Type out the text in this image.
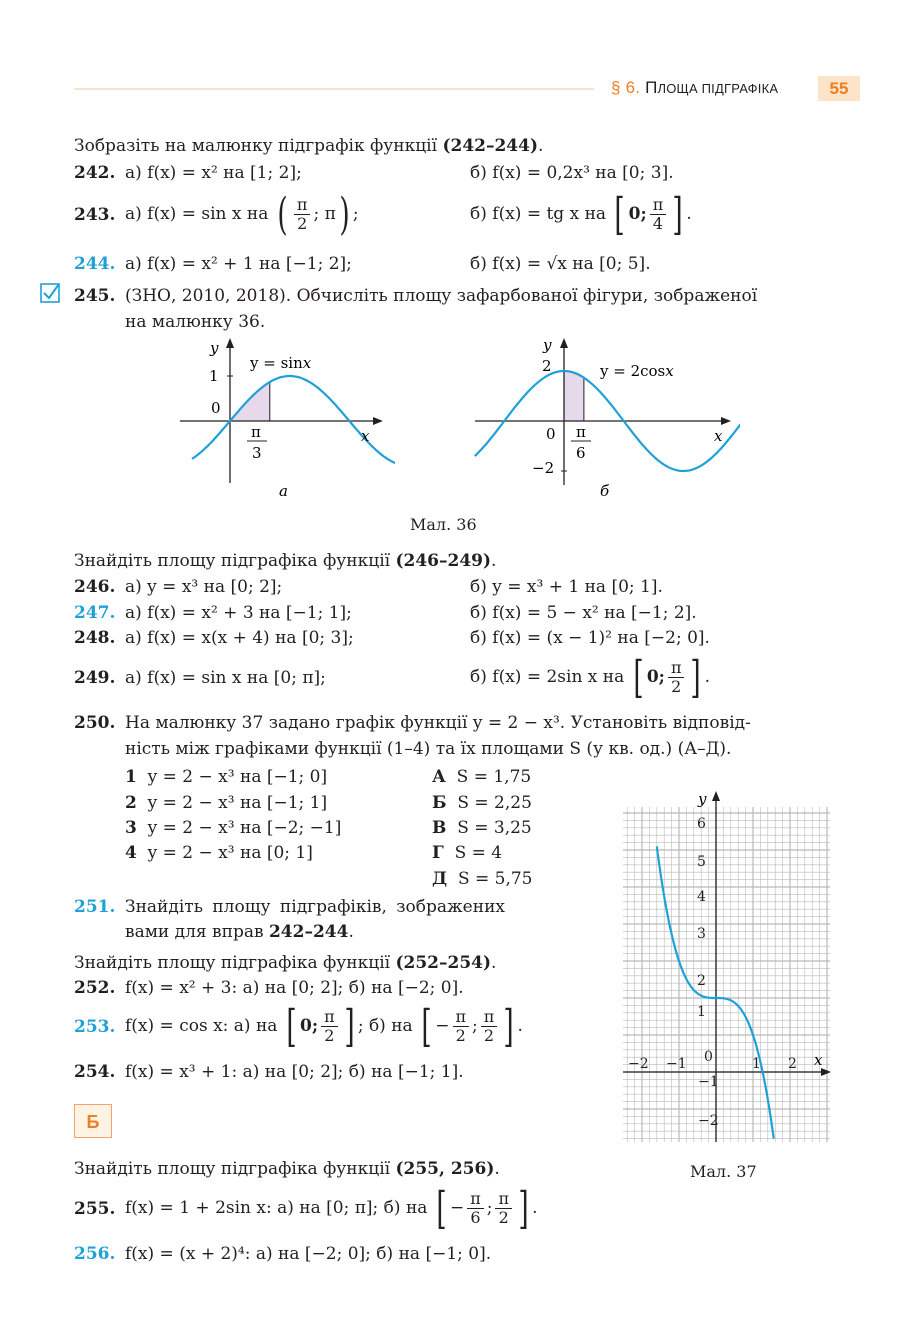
§ 6. ПЛОЩА ПІДГРАФІКА	55
Зобразіть на малюнку підграфік функції (242–244).
242. а) f(x) = x² на [1; 2];	б) f(x) = 0,2x³ на [0; 3].
243. а) f(x) = sin x на ( $\frac{\pi}{2}$ ; π) ;	б) f(x) = tg x на [ 0; $\frac{\pi}{4}$ ] .
244. а) f(x) = x² + 1 на [−1; 2];	б) f(x) = √x на [0; 5].
245. (ЗНО, 2010, 2018). Обчисліть площу зафарбованої фігури, зображеної
на малюнку 36.
y
y = sinx
1
0
x
π
3
а
y
2	y = 2cosx
0
−2
x
π
6
б
Мал. 36
Знайдіть площу підграфіка функції (246–249).
246. а) y = x³ на [0; 2];	б) y = x³ + 1 на [0; 1].
247. а) f(x) = x² + 3 на [−1; 1];	б) f(x) = 5 − x² на [−1; 2].
248. а) f(x) = x(x + 4) на [0; 3];	б) f(x) = (x − 1)² на [−2; 0].
249. а) f(x) = sin x на [0; π];	б) f(x) = 2sin x на [ 0; $\frac{\pi}{2}$ ] .
250. На малюнку 37 задано графік функції y = 2 − x³. Установіть відповід-
ність між графіками функції (1–4) та їх площами S (у кв. од.) (А–Д).
1 y = 2 − x³ на [−1; 0]
2 y = 2 − x³ на [−1; 1]
3 y = 2 − x³ на [−2; −1]
4 y = 2 − x³ на [0; 1]
А S = 1,75
Б S = 2,25
В S = 3,25
Г S = 4
Д S = 5,75
251. Знайдіть площу підграфіків, зображених
вами для вправ 242–244.
Знайдіть площу підграфіка функції (252–254).
252. f(x) = x² + 3: а) на [0; 2]; б) на [−2; 0].
253. f(x) = cos x: а) на [ 0; $\frac{\pi}{2}$ ] ; б) на [ − $\frac{\pi}{2}$ ; $\frac{\pi}{2}$ ] .
254. f(x) = x³ + 1: а) на [0; 2]; б) на [−1; 1].
Б
Знайдіть площу підграфіка функції (255, 256).
255. f(x) = 1 + 2sin x: а) на [0; π]; б) на [ − $\frac{\pi}{6}$ ; $\frac{\pi}{2}$ ] .
256. f(x) = (x + 2)⁴: а) на [−2; 0]; б) на [−1; 0].
y
x
6
5
4
3
2
1
−1
−2
−2 −1 0	1 2
Мал. 37
